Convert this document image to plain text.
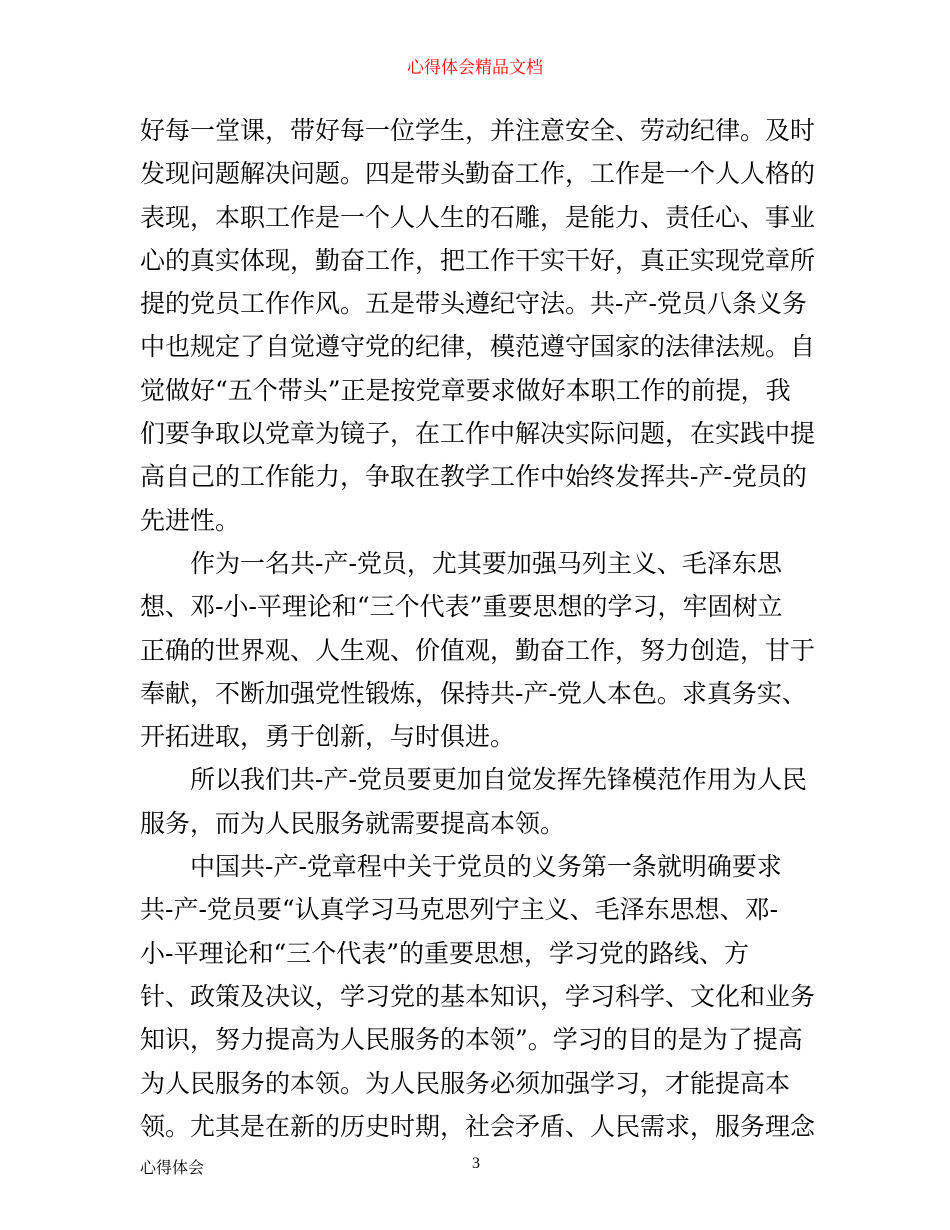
心得体会精品文档
好每一堂课，带好每一位学生，并注意安全、劳动纪律。及时
发现问题解决问题。四是带头勤奋工作，工作是一个人人格的
表现，本职工作是一个人人生的石雕，是能力、责任心、事业
心的真实体现，勤奋工作，把工作干实干好，真正实现党章所
提的党员工作作风。五是带头遵纪守法。共-产-党员八条义务
中也规定了自觉遵守党的纪律，模范遵守国家的法律法规。自
觉做好“五个带头”正是按党章要求做好本职工作的前提，我
们要争取以党章为镜子，在工作中解决实际问题，在实践中提
高自己的工作能力，争取在教学工作中始终发挥共-产-党员的
先进性。
　　作为一名共-产-党员，尤其要加强马列主义、毛泽东思
想、邓-小-平理论和“三个代表”重要思想的学习，牢固树立
正确的世界观、人生观、价值观，勤奋工作，努力创造，甘于
奉献，不断加强党性锻炼，保持共-产-党人本色。求真务实、
开拓进取，勇于创新，与时俱进。
　　所以我们共-产-党员要更加自觉发挥先锋模范作用为人民
服务，而为人民服务就需要提高本领。
　　中国共-产-党章程中关于党员的义务第一条就明确要求
共-产-党员要“认真学习马克思列宁主义、毛泽东思想、邓-
小-平理论和“三个代表”的重要思想，学习党的路线、方
针、政策及决议，学习党的基本知识，学习科学、文化和业务
知识，努力提高为人民服务的本领”。学习的目的是为了提高
为人民服务的本领。为人民服务必须加强学习，才能提高本
领。尤其是在新的历史时期，社会矛盾、人民需求，服务理念
心得体会	3
